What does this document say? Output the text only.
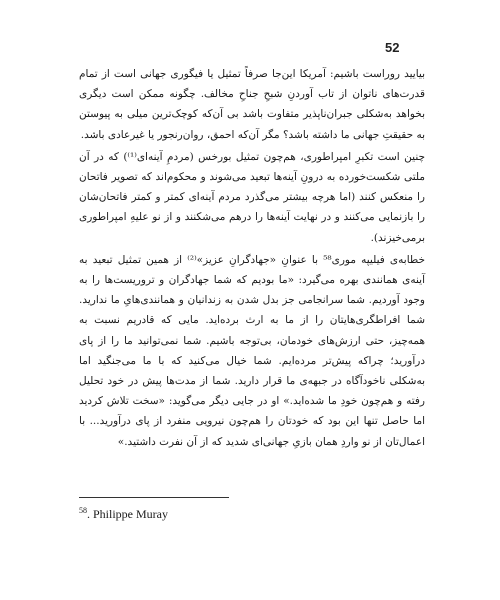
52

بیایید رو‌راست باشیم: آمریکا این‌جا صرفاً تمثیل یا فیگوری جهانی است از تمام قدرت‌های ناتوان از تاب آوردنِ شبحِ جناحِ مخالف. چگونه ممکن است دیگری بخواهد به‌شکلی جبران‌ناپذیر متفاوت باشد بی آن‌که کوچک‌ترین میلی به پیوستن به حقیقتِ جهانی ما داشته باشد؟ مگر آن‌که احمق، روان‌رنجور یا غیرعادی باشد.

چنین است تکبرِ امپراطوری، هم‌چون تمثیل بورخس (مردمِ آینه‌ای⁽¹⁾) که در آن ملتی شکست‌خورده به درونِ آینه‌ها تبعید می‌شوند و محکوم‌اند که تصویر فاتحان را منعکس کنند (اما هرچه بیشتر می‌گذرد مردم آینه‌ای کمتر و کمتر فاتحان‌شان را بازنمایی می‌کنند و در نهایت آینه‌ها را درهم می‌شکنند و از نو علیهِ امپراطوری برمی‌خیزند).

خطابه‌ی فیلیپه موری⁵⁸ با عنوانِ «جهادگرانِ عزیز»⁽²⁾ از همین تمثیل تبعید به آینه‌ی همانندی بهره می‌گیرد: «ما بودیم که شما جهادگران و تروریست‌ها را به وجود آوردیم. شما سرانجامی جز بدل شدن به زندانیان و همانندی‌هایِ ما ندارید. شما افراطگری‌هایتان را از ما به ارث برده‌اید. مایی که قادریم نسبت به همه‌چیز، حتی ارزش‌های خودمان، بی‌توجه باشیم. شما نمی‌توانید ما را از پای درآورید؛ چراکه پیش‌تر مرده‌ایم. شما خیال می‌کنید که با ما می‌جنگید اما به‌شکلی ناخودآگاه در جبهه‌ی ما قرار دارید. شما از مدت‌ها پیش در خود تحلیل رفته و هم‌چون خودِ ما شده‌اید.» او در جایی دیگر می‌گوید: «سخت تلاش کردید اما حاصل تنها این بود که خودتان را هم‌چون نیرویی منفرد از پای درآورید... با اعمال‌تان از نو واردِ همان بازیِ جهانی‌ای شدید که از آن نفرت داشتید.»

$^{58}$. Philippe Muray
